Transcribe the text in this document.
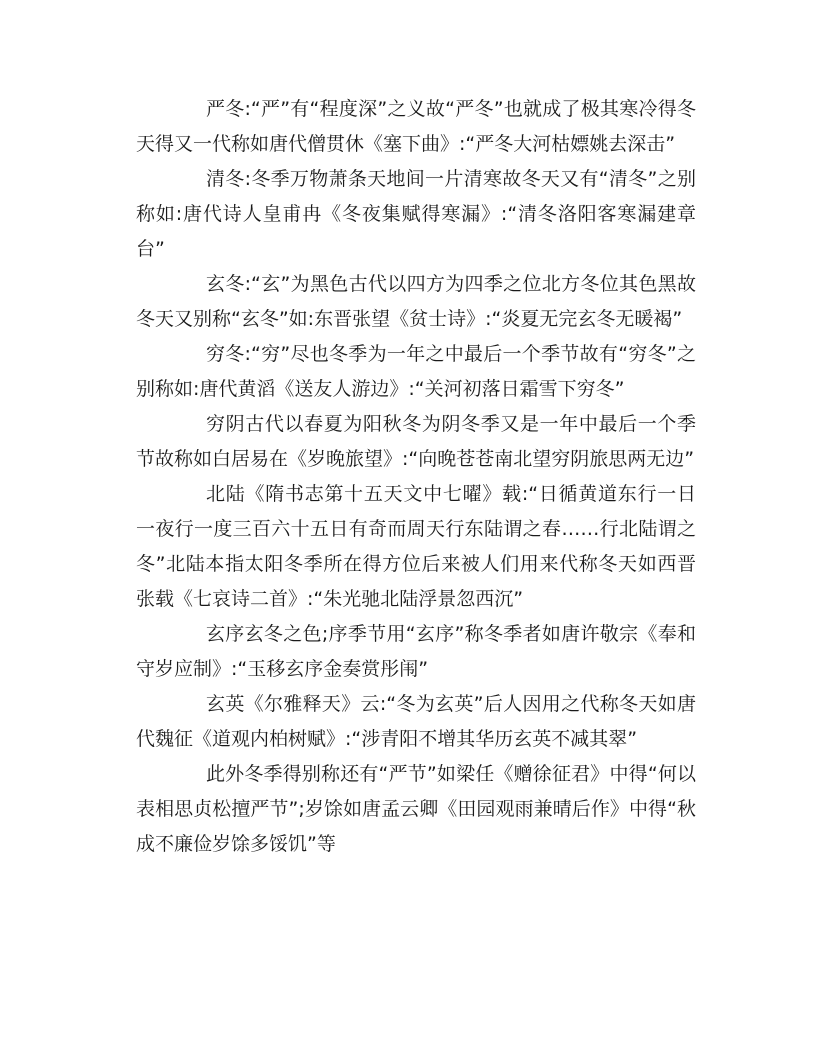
严冬:“严”有“程度深”之义故“严冬”也就成了极其寒冷得冬天得又一代称如唐代僧贯休《塞下曲》:“严冬大河枯嫖姚去深击”

清冬:冬季万物萧条天地间一片清寒故冬天又有“清冬”之别称如:唐代诗人皇甫冉《冬夜集赋得寒漏》:“清冬洛阳客寒漏建章台”

玄冬:“玄”为黑色古代以四方为四季之位北方冬位其色黑故冬天又别称“玄冬”如:东晋张望《贫士诗》:“炎夏无完玄冬无暖褐”

穷冬:“穷”尽也冬季为一年之中最后一个季节故有“穷冬”之别称如:唐代黄滔《送友人游边》:“关河初落日霜雪下穷冬”

穷阴古代以春夏为阳秋冬为阴冬季又是一年中最后一个季节故称如白居易在《岁晚旅望》:“向晚苍苍南北望穷阴旅思两无边”

北陆《隋书志第十五天文中七曜》载:“日循黄道东行一日一夜行一度三百六十五日有奇而周天行东陆谓之春……行北陆谓之冬”北陆本指太阳冬季所在得方位后来被人们用来代称冬天如西晋张载《七哀诗二首》:“朱光驰北陆浮景忽西沉”

玄序玄冬之色;序季节用“玄序”称冬季者如唐许敬宗《奉和守岁应制》:“玉移玄序金奏赏彤闱”

玄英《尔雅释天》云:“冬为玄英”后人因用之代称冬天如唐代魏征《道观内柏树赋》:“涉青阳不增其华历玄英不减其翠”

此外冬季得别称还有“严节”如梁任《赠徐征君》中得“何以表相思贞松擅严节”;岁馀如唐孟云卿《田园观雨兼晴后作》中得“秋成不廉俭岁馀多馁饥”等
